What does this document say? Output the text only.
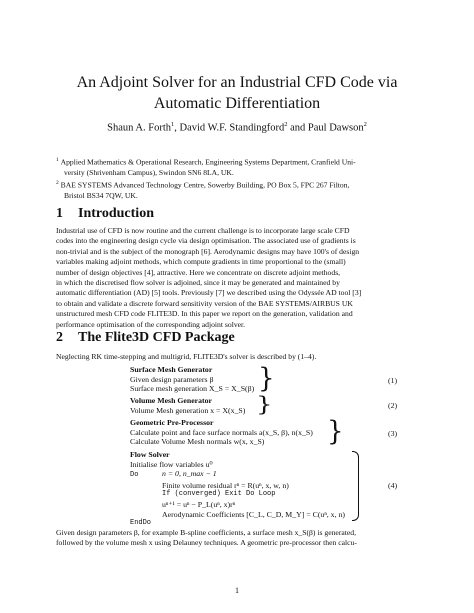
An Adjoint Solver for an Industrial CFD Code via
Automatic Differentiation
Shaun A. Forth$^1$, David W.F. Standingford$^2$ and Paul Dawson$^2$
$^1$ Applied Mathematics & Operational Research, Engineering Systems Department, Cranfield Uni-
versity (Shrivenham Campus), Swindon SN6 8LA, UK.
$^2$ BAE SYSTEMS Advanced Technology Centre, Sowerby Building, PO Box 5, FPC 267 Filton,
Bristol BS34 7QW, UK.
1 Introduction
Industrial use of CFD is now routine and the current challenge is to incorporate large scale CFD
codes into the engineering design cycle via design optimisation. The associated use of gradients is
non-trivial and is the subject of the monograph [6]. Aerodynamic designs may have 100's of design
variables making adjoint methods, which compute gradients in time proportional to the (small)
number of design objectives [4], attractive. Here we concentrate on discrete adjoint methods,
in which the discretised flow solver is adjoined, since it may be generated and maintained by
automatic differentiation (AD) [5] tools. Previously [7] we described using the Odyssée AD tool [3]
to obtain and validate a discrete forward sensitivity version of the BAE SYSTEMS/AIRBUS UK
unstructured mesh CFD code FLITE3D. In this paper we report on the generation, validation and
performance optimisation of the corresponding adjoint solver.
2 The Flite3D CFD Package
Neglecting RK time-stepping and multigrid, FLITE3D's solver is described by (1–4).
Surface Mesh Generator
Given design parameters β
Surface mesh generation X_S = X_S(β) }	(1)
Volume Mesh Generator
Volume Mesh generation x = X(x_S) }	(2)
Geometric Pre-Processor
Calculate point and face surface normals a(x_S, β), n(x_S)
Calculate Volume Mesh normals w(x, x_S)	}	(3)
Flow Solver
Initialise flow variables u⁰
Do	n = 0, n_max − 1
Finite volume residual rⁿ = R(uⁿ, x, w, n)
If (converged) Exit Do Loop
uⁿ⁺¹ = uⁿ − P_L(uⁿ, x)rⁿ
Aerodynamic Coefficients [C_L, C_D, M_Y] = C(uⁿ, x, n)
EndDo
(4)
Given design parameters β, for example B-spline coefficients, a surface mesh x_S(β) is generated,
followed by the volume mesh x using Delauney techniques. A geometric pre-processor then calcu-
1
